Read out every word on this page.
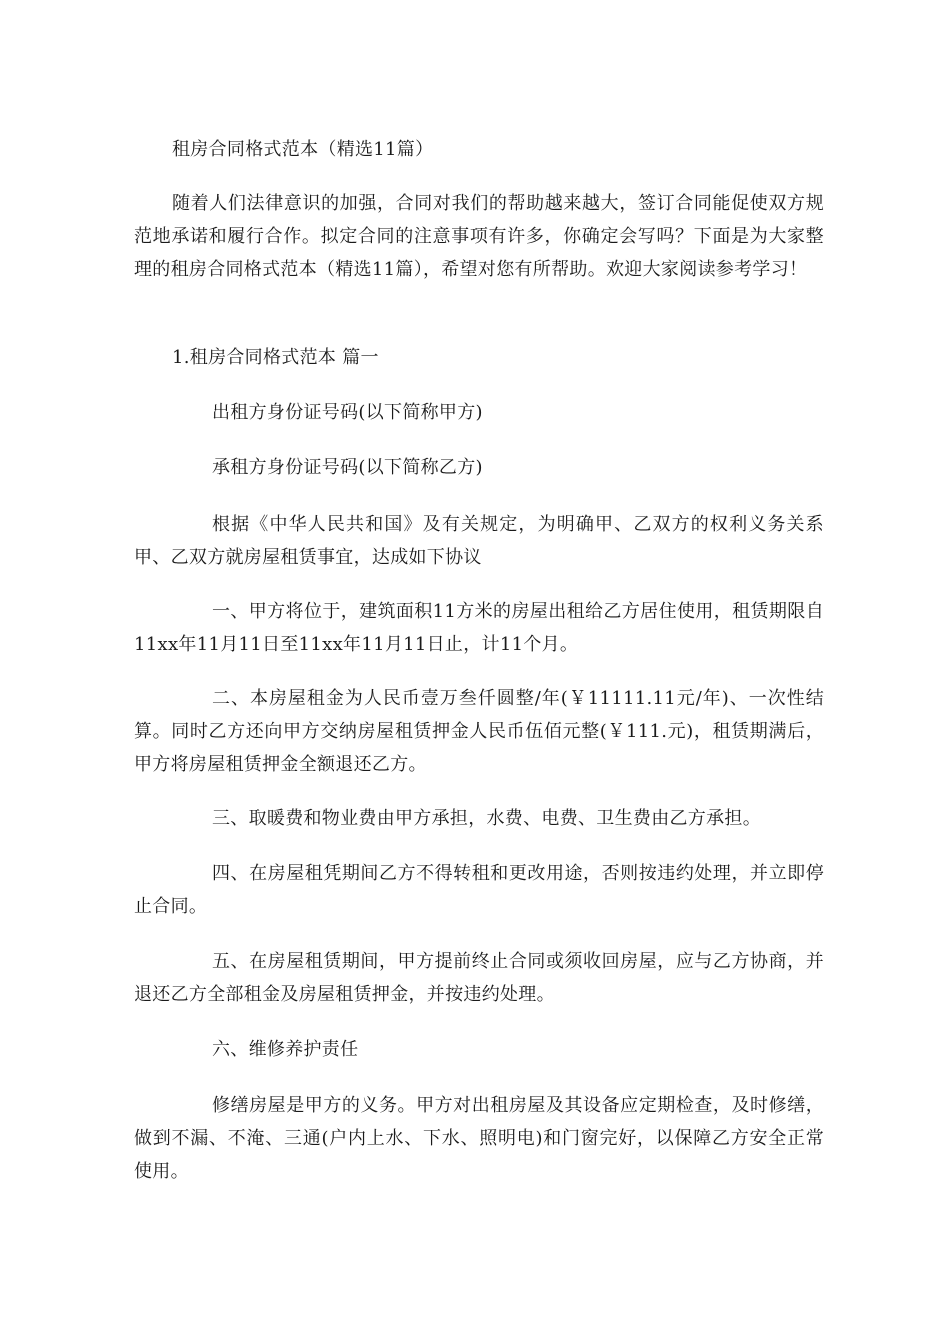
租房合同格式范本（精选11篇）

随着人们法律意识的加强，合同对我们的帮助越来越大，签订合同能促使双方规范地承诺和履行合作。拟定合同的注意事项有许多，你确定会写吗？下面是为大家整理的租房合同格式范本（精选11篇），希望对您有所帮助。欢迎大家阅读参考学习！

1.租房合同格式范本 篇一

出租方身份证号码(以下简称甲方)

承租方身份证号码(以下简称乙方)

根据《中华人民共和国》及有关规定，为明确甲、乙双方的权利义务关系甲、乙双方就房屋租赁事宜，达成如下协议

一、甲方将位于，建筑面积11方米的房屋出租给乙方居住使用，租赁期限自11xx年11月11日至11xx年11月11日止，计11个月。

二、本房屋租金为人民币壹万叁仟圆整/年(￥11111.11元/年)、一次性结算。同时乙方还向甲方交纳房屋租赁押金人民币伍佰元整(￥111.元)，租赁期满后，甲方将房屋租赁押金全额退还乙方。

三、取暖费和物业费由甲方承担，水费、电费、卫生费由乙方承担。

四、在房屋租凭期间乙方不得转租和更改用途，否则按违约处理，并立即停止合同。

五、在房屋租赁期间，甲方提前终止合同或须收回房屋，应与乙方协商，并退还乙方全部租金及房屋租赁押金，并按违约处理。

六、维修养护责任

修缮房屋是甲方的义务。甲方对出租房屋及其设备应定期检查，及时修缮，做到不漏、不淹、三通(户内上水、下水、照明电)和门窗完好，以保障乙方安全正常使用。
